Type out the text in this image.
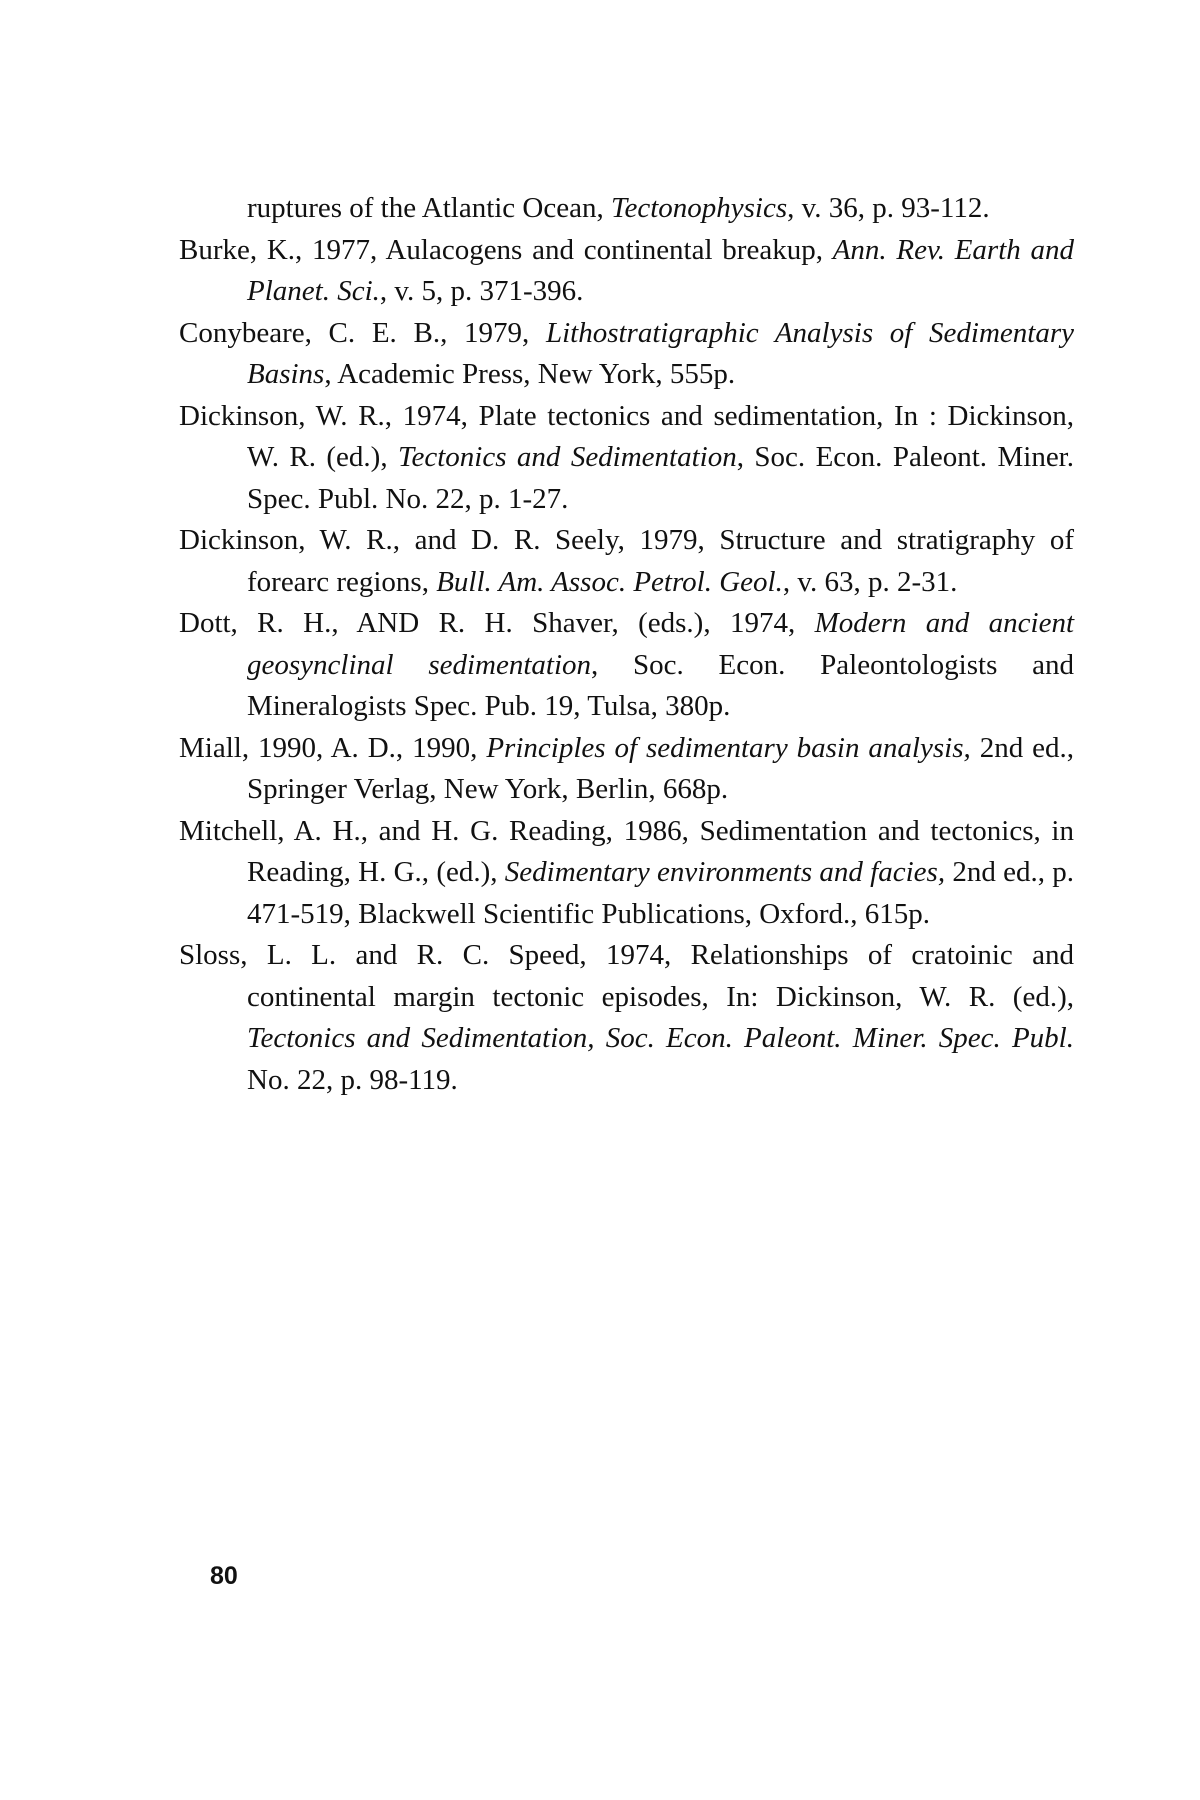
ruptures of the Atlantic Ocean, Tectonophysics, v. 36, p. 93-112.

Burke, K., 1977, Aulacogens and continental breakup, Ann. Rev. Earth and Planet. Sci., v. 5, p. 371-396.

Conybeare, C. E. B., 1979, Lithostratigraphic Analysis of Sedimentary Basins, Academic Press, New York, 555p.

Dickinson, W. R., 1974, Plate tectonics and sedimentation, In : Dickinson, W. R. (ed.), Tectonics and Sedimentation, Soc. Econ. Paleont. Miner. Spec. Publ. No. 22, p. 1-27.

Dickinson, W. R., and D. R. Seely, 1979, Structure and stratigraphy of forearc regions, Bull. Am. Assoc. Petrol. Geol., v. 63, p. 2-31.

Dott, R. H., AND R. H. Shaver, (eds.), 1974, Modern and ancient geosynclinal sedimentation, Soc. Econ. Paleontologists and Mineralogists Spec. Pub. 19, Tulsa, 380p.

Miall, 1990, A. D., 1990, Principles of sedimentary basin analysis, 2nd ed., Springer Verlag, New York, Berlin, 668p.

Mitchell, A. H., and H. G. Reading, 1986, Sedimentation and tectonics, in Reading, H. G., (ed.), Sedimentary environments and facies, 2nd ed., p. 471-519, Blackwell Scientific Publications, Oxford., 615p.

Sloss, L. L. and R. C. Speed, 1974, Relationships of cratoinic and continental margin tectonic episodes, In: Dickinson, W. R. (ed.), Tectonics and Sedimentation, Soc. Econ. Paleont. Miner. Spec. Publ. No. 22, p. 98-119.

80
